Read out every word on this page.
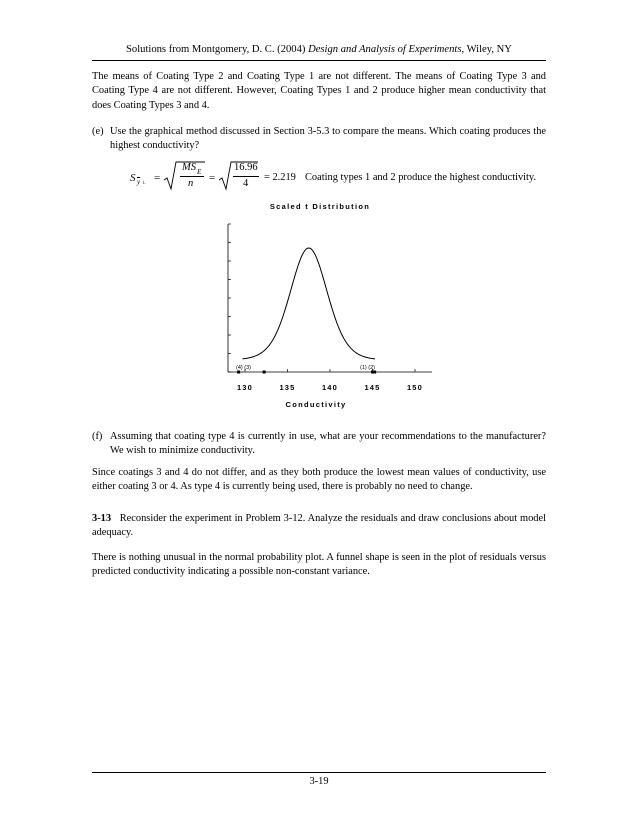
Solutions from Montgomery, D. C. (2004) Design and Analysis of Experiments, Wiley, NY
The means of Coating Type 2 and Coating Type 1 are not different. The means of Coating Type 3 and Coating Type 4 are not different. However, Coating Types 1 and 2 produce higher mean conductivity that does Coating Types 3 and 4.
(e) Use the graphical method discussed in Section 3-5.3 to compare the means. Which coating produces the highest conductivity?
S $\overline{y}$ i. =
MS E
n =
16.96
4
= 2.219 Coating types 1 and 2 produce the highest conductivity.
Scaled t Distribution
(4) (3)	(1) (2)
130	135	140	145	150
Conductivity
(f) Assuming that coating type 4 is currently in use, what are your recommendations to the manufacturer? We wish to minimize conductivity.
Since coatings 3 and 4 do not differ, and as they both produce the lowest mean values of conductivity, use either coating 3 or 4. As type 4 is currently being used, there is probably no need to change.
3-13 Reconsider the experiment in Problem 3-12. Analyze the residuals and draw conclusions about model adequacy.
There is nothing unusual in the normal probability plot. A funnel shape is seen in the plot of residuals versus predicted conductivity indicating a possible non-constant variance.
3-19
